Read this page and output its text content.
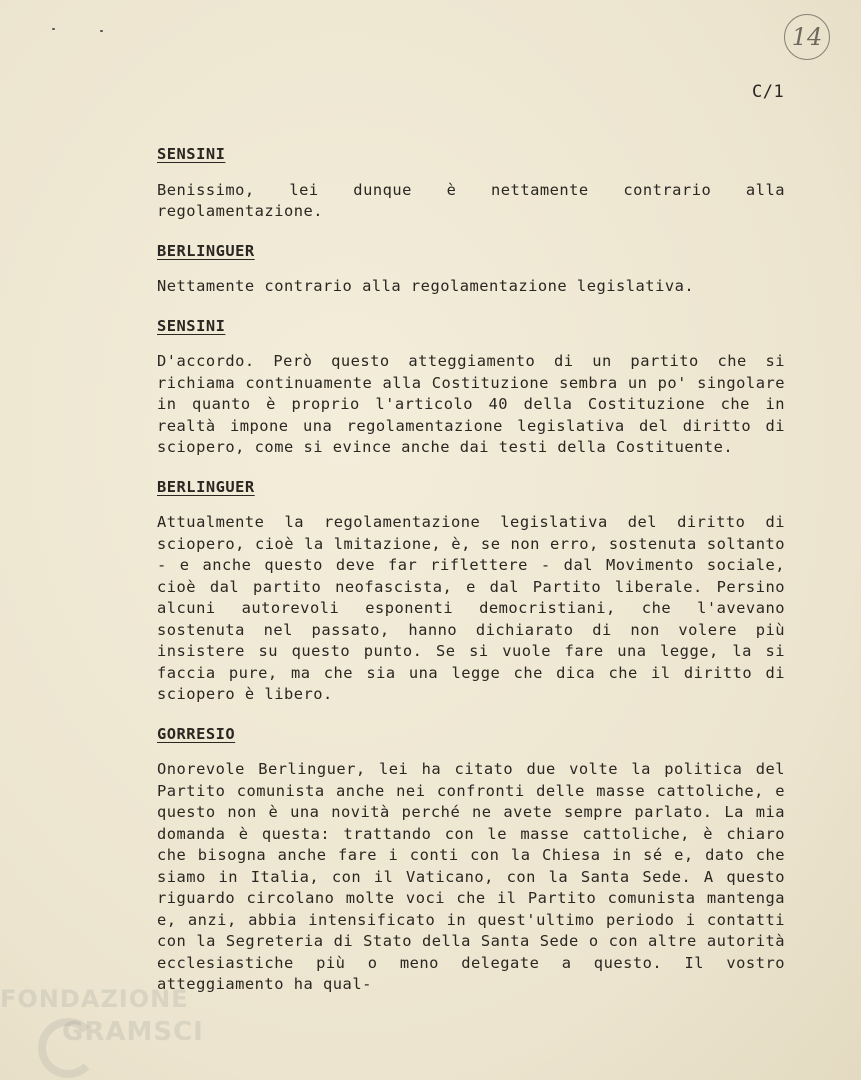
14
C/1
SENSINI

Benissimo, lei dunque è nettamente contrario alla regolamentazione.

BERLINGUER

Nettamente contrario alla regolamentazione legislativa.

SENSINI

D'accordo. Però questo atteggiamento di un partito che si richiama continuamente alla Costituzione sembra un po' singolare in quanto è proprio l'articolo 40 della Costituzione che in realtà impone una regolamentazione legislativa del diritto di sciopero, come si evince anche dai testi della Costituente.

BERLINGUER

Attualmente la regolamentazione legislativa del diritto di sciopero, cioè la lmitazione, è, se non erro, sostenuta soltanto - e anche questo deve far riflettere - dal Movimento sociale, cioè dal partito neofascista, e dal Partito liberale. Persino alcuni autorevoli esponenti democristiani, che l'avevano sostenuta nel passato, hanno dichiarato di non volere più insistere su questo punto. Se si vuole fare una legge, la si faccia pure, ma che sia una legge che dica che il diritto di sciopero è libero.

GORRESIO

Onorevole Berlinguer, lei ha citato due volte la politica del Partito comunista anche nei confronti delle masse cattoliche, e questo non è una novità perché ne avete sempre parlato. La mia domanda è questa: trattando con le masse cattoliche, è chiaro che bisogna anche fare i conti con la Chiesa in sé e, dato che siamo in Italia, con il Vaticano, con la Santa Sede. A questo riguardo circolano molte voci che il Partito comunista mantenga e, anzi, abbia intensificato in quest'ultimo periodo i contatti con la Segreteria di Stato della Santa Sede o con altre autorità ecclesiastiche più o meno delegate a questo. Il vostro atteggiamento ha qual-

FONDAZIONE
GRAMSCI
